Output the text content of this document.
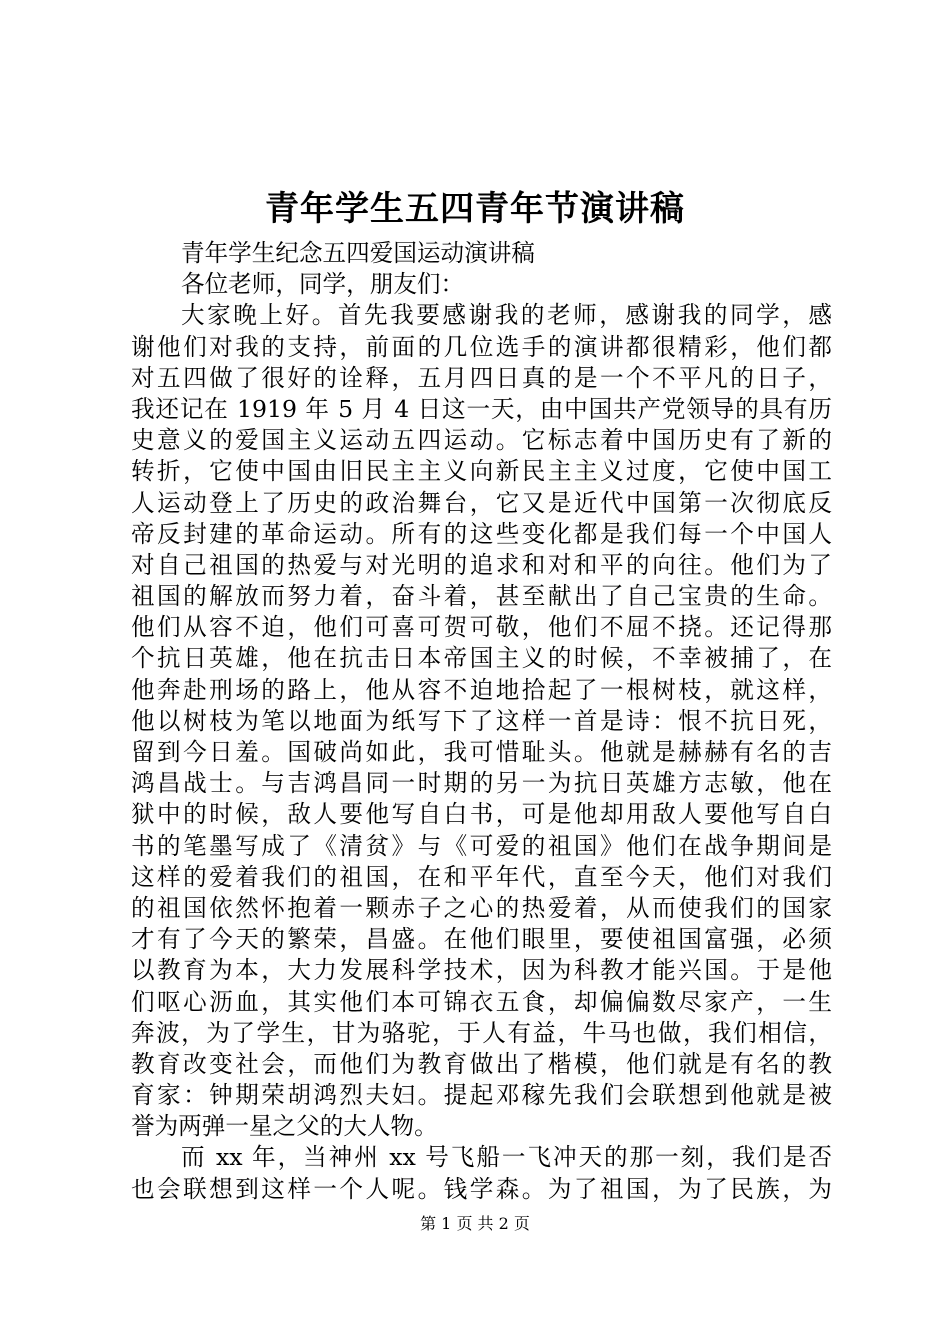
青年学生五四青年节演讲稿
青年学生纪念五四爱国运动演讲稿
各位老师，同学，朋友们：
大家晚上好。首先我要感谢我的老师，感谢我的同学，感
谢他们对我的支持，前面的几位选手的演讲都很精彩，他们都
对五四做了很好的诠释，五月四日真的是一个不平凡的日子，
我还记在 1919 年 5 月 4 日这一天，由中国共产党领导的具有历
史意义的爱国主义运动五四运动。它标志着中国历史有了新的
转折，它使中国由旧民主主义向新民主主义过度，它使中国工
人运动登上了历史的政治舞台，它又是近代中国第一次彻底反
帝反封建的革命运动。所有的这些变化都是我们每一个中国人
对自己祖国的热爱与对光明的追求和对和平的向往。他们为了
祖国的解放而努力着，奋斗着，甚至献出了自己宝贵的生命。
他们从容不迫，他们可喜可贺可敬，他们不屈不挠。还记得那
个抗日英雄，他在抗击日本帝国主义的时候，不幸被捕了，在
他奔赴刑场的路上，他从容不迫地拾起了一根树枝，就这样，
他以树枝为笔以地面为纸写下了这样一首是诗：恨不抗日死，
留到今日羞。国破尚如此，我可惜耻头。他就是赫赫有名的吉
鸿昌战士。与吉鸿昌同一时期的另一为抗日英雄方志敏，他在
狱中的时候，敌人要他写自白书，可是他却用敌人要他写自白
书的笔墨写成了《清贫》与《可爱的祖国》他们在战争期间是
这样的爱着我们的祖国，在和平年代，直至今天，他们对我们
的祖国依然怀抱着一颗赤子之心的热爱着，从而使我们的国家
才有了今天的繁荣，昌盛。在他们眼里，要使祖国富强，必须
以教育为本，大力发展科学技术，因为科教才能兴国。于是他
们呕心沥血，其实他们本可锦衣五食，却偏偏数尽家产，一生
奔波，为了学生，甘为骆驼，于人有益，牛马也做，我们相信，
教育改变社会，而他们为教育做出了楷模，他们就是有名的教
育家：钟期荣胡鸿烈夫妇。提起邓稼先我们会联想到他就是被
誉为两弹一星之父的大人物。
而 xx 年，当神州 xx 号飞船一飞冲天的那一刻，我们是否
也会联想到这样一个人呢。钱学森。为了祖国，为了民族，为
第 1 页 共 2 页
